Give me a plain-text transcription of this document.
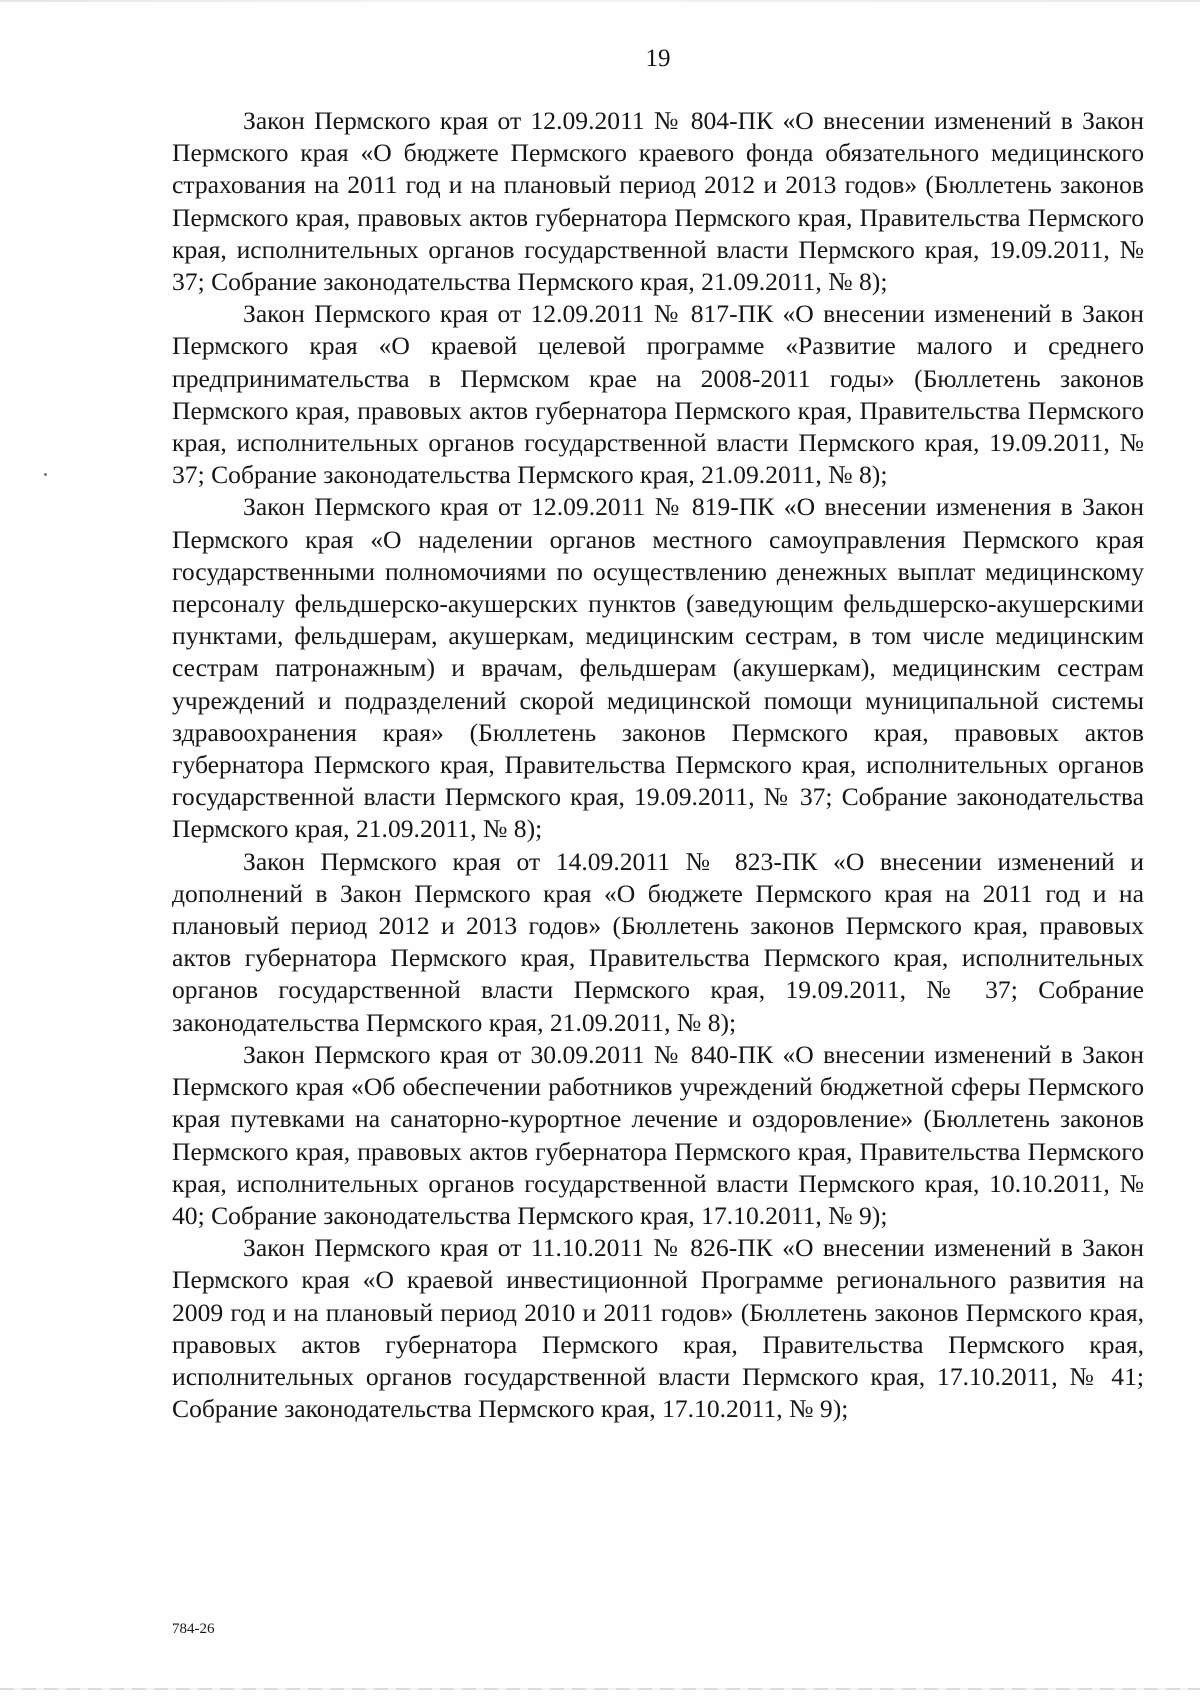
19

Закон Пермского края от 12.09.2011 № 804-ПК «О внесении изменений в Закон Пермского края «О бюджете Пермского краевого фонда обязательного медицинского страхования на 2011 год и на плановый период 2012 и 2013 годов» (Бюллетень законов Пермского края, правовых актов губернатора Пермского края, Правительства Пермского края, исполнительных органов государственной власти Пермского края, 19.09.2011, № 37; Собрание законодательства Пермского края, 21.09.2011, № 8);

Закон Пермского края от 12.09.2011 № 817-ПК «О внесении изменений в Закон Пермского края «О краевой целевой программе «Развитие малого и среднего предпринимательства в Пермском крае на 2008-2011 годы» (Бюллетень законов Пермского края, правовых актов губернатора Пермского края, Правительства Пермского края, исполнительных органов государственной власти Пермского края, 19.09.2011, № 37; Собрание законодательства Пермского края, 21.09.2011, № 8);

Закон Пермского края от 12.09.2011 № 819-ПК «О внесении изменения в Закон Пермского края «О наделении органов местного самоуправления Пермского края государственными полномочиями по осуществлению денежных выплат медицинскому персоналу фельдшерско-акушерских пунктов (заведующим фельдшерско-акушерскими пунктами, фельдшерам, акушеркам, медицинским сестрам, в том числе медицинским сестрам патронажным) и врачам, фельдшерам (акушеркам), медицинским сестрам учреждений и подразделений скорой медицинской помощи муниципальной системы здравоохранения края» (Бюллетень законов Пермского края, правовых актов губернатора Пермского края, Правительства Пермского края, исполнительных органов государственной власти Пермского края, 19.09.2011, № 37; Собрание законодательства Пермского края, 21.09.2011, № 8);

Закон Пермского края от 14.09.2011 № 823-ПК «О внесении изменений и дополнений в Закон Пермского края «О бюджете Пермского края на 2011 год и на плановый период 2012 и 2013 годов» (Бюллетень законов Пермского края, правовых актов губернатора Пермского края, Правительства Пермского края, исполнительных органов государственной власти Пермского края, 19.09.2011, № 37; Собрание законодательства Пермского края, 21.09.2011, № 8);

Закон Пермского края от 30.09.2011 № 840-ПК «О внесении изменений в Закон Пермского края «Об обеспечении работников учреждений бюджетной сферы Пермского края путевками на санаторно-курортное лечение и оздоровление» (Бюллетень законов Пермского края, правовых актов губернатора Пермского края, Правительства Пермского края, исполнительных органов государственной власти Пермского края, 10.10.2011, № 40; Собрание законодательства Пермского края, 17.10.2011, № 9);

Закон Пермского края от 11.10.2011 № 826-ПК «О внесении изменений в Закон Пермского края «О краевой инвестиционной Программе регионального развития на 2009 год и на плановый период 2010 и 2011 годов» (Бюллетень законов Пермского края, правовых актов губернатора Пермского края, Правительства Пермского края, исполнительных органов государственной власти Пермского края, 17.10.2011, № 41; Собрание законодательства Пермского края, 17.10.2011, № 9);

784-26
